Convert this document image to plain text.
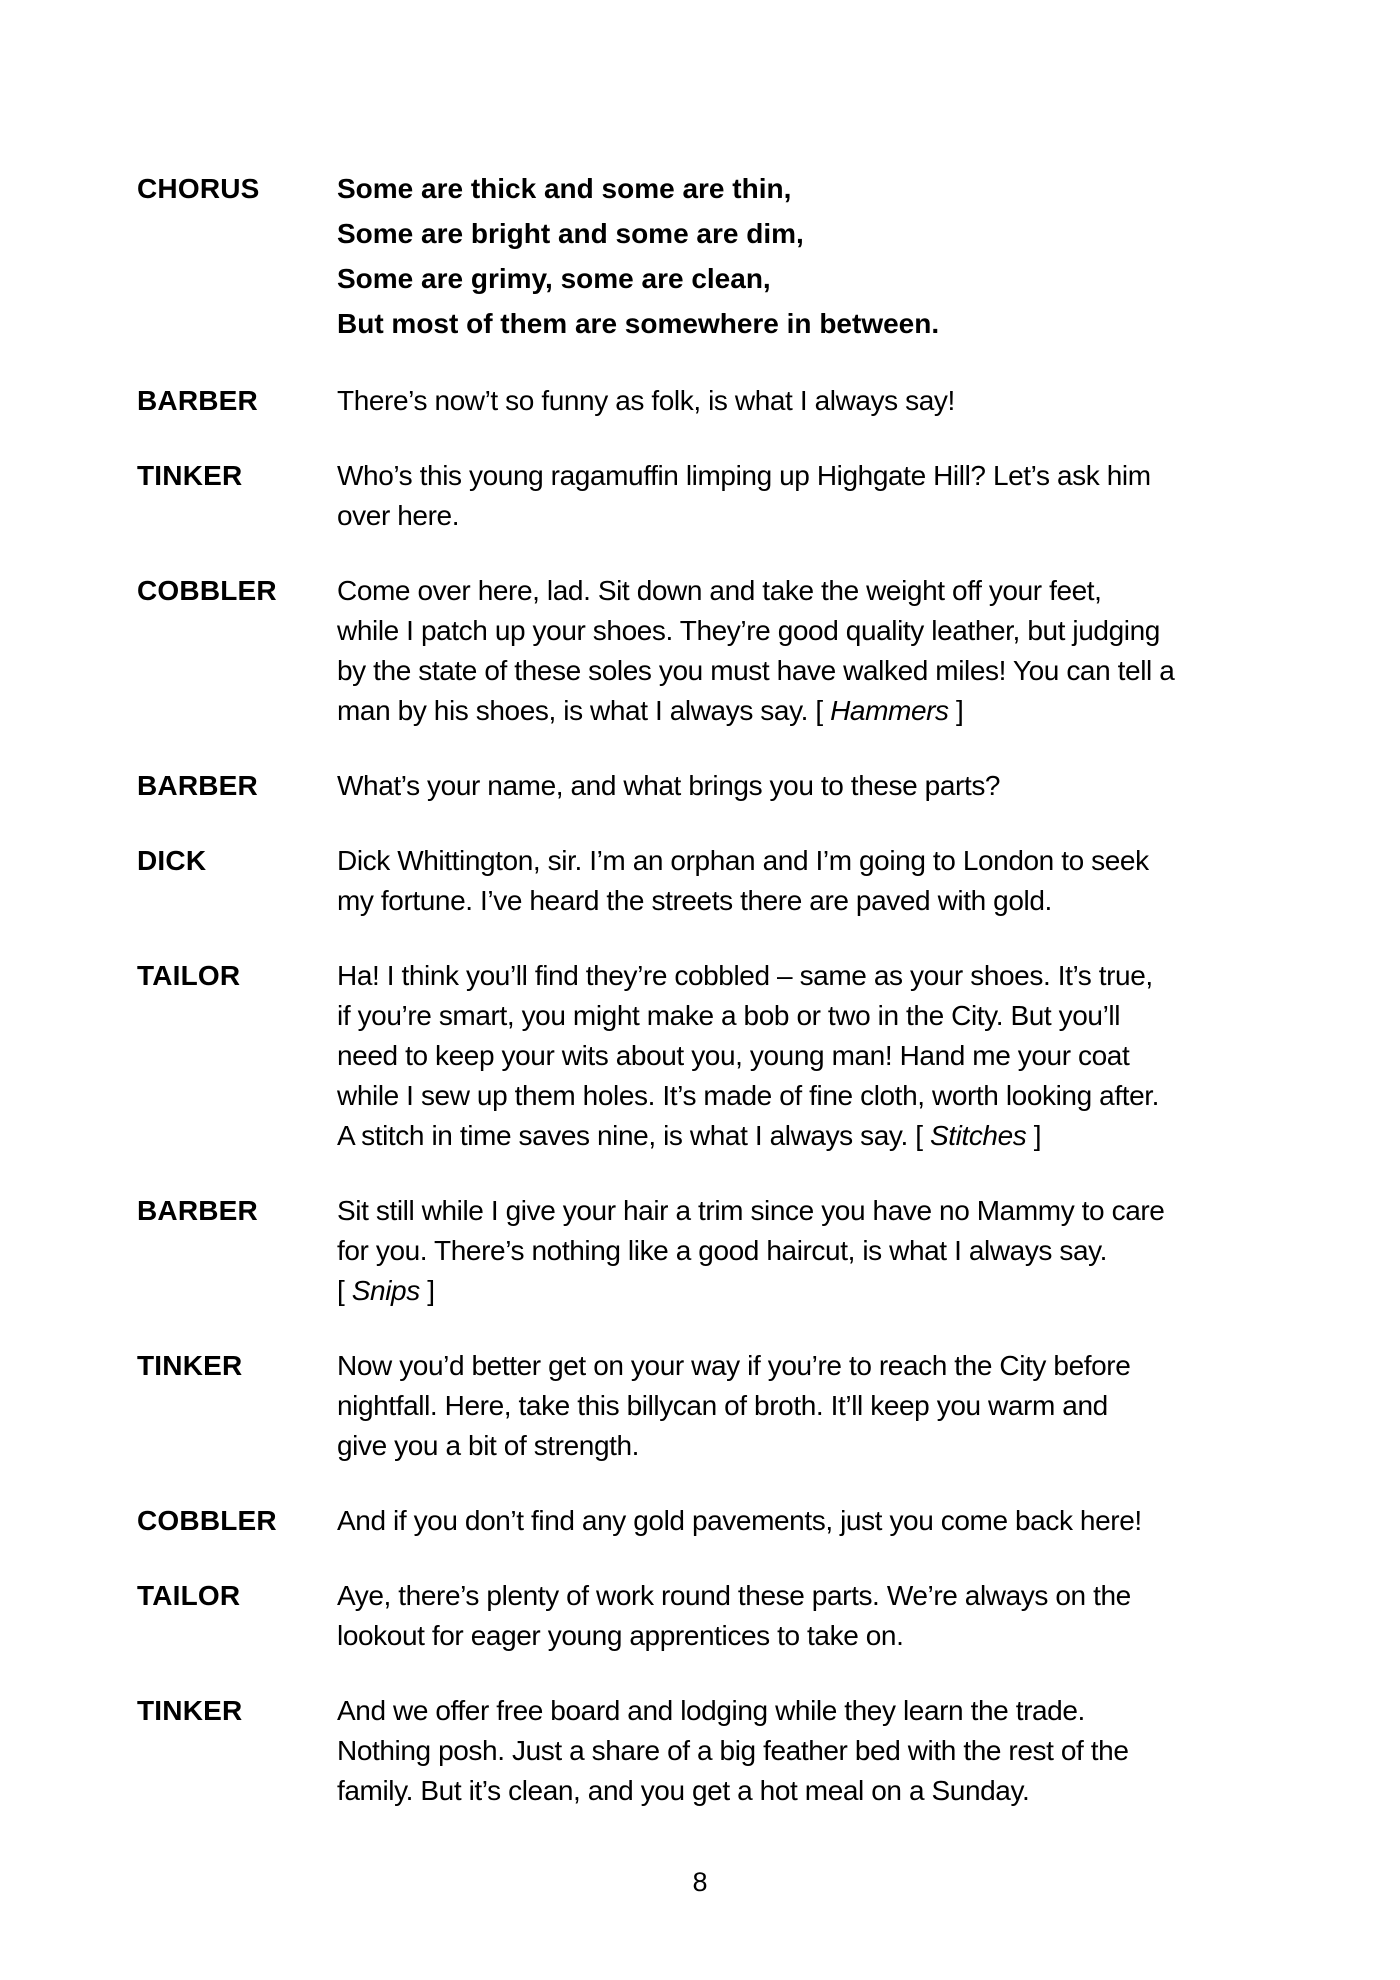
CHORUS	Some are thick and some are thin,
Some are bright and some are dim,
Some are grimy, some are clean,
But most of them are somewhere in between.
BARBER	There’s now’t so funny as folk, is what I always say!
TINKER	Who’s this young ragamuffin limping up Highgate Hill? Let’s ask him
over here.
COBBLER	Come over here, lad. Sit down and take the weight off your feet,
while I patch up your shoes. They’re good quality leather, but judging
by the state of these soles you must have walked miles! You can tell a
man by his shoes, is what I always say. [ Hammers ]
BARBER	What’s your name, and what brings you to these parts?
DICK	Dick Whittington, sir. I’m an orphan and I’m going to London to seek
my fortune. I’ve heard the streets there are paved with gold.
TAILOR	Ha! I think you’ll find they’re cobbled – same as your shoes. It’s true,
if you’re smart, you might make a bob or two in the City. But you’ll
need to keep your wits about you, young man! Hand me your coat
while I sew up them holes. It’s made of fine cloth, worth looking after.
A stitch in time saves nine, is what I always say. [ Stitches ]
BARBER	Sit still while I give your hair a trim since you have no Mammy to care
for you. There’s nothing like a good haircut, is what I always say.
[ Snips ]
TINKER	Now you’d better get on your way if you’re to reach the City before
nightfall. Here, take this billycan of broth. It’ll keep you warm and
give you a bit of strength.
COBBLER	And if you don’t find any gold pavements, just you come back here!
TAILOR	Aye, there’s plenty of work round these parts. We’re always on the
lookout for eager young apprentices to take on.
TINKER	And we offer free board and lodging while they learn the trade.
Nothing posh. Just a share of a big feather bed with the rest of the
family. But it’s clean, and you get a hot meal on a Sunday.
8
